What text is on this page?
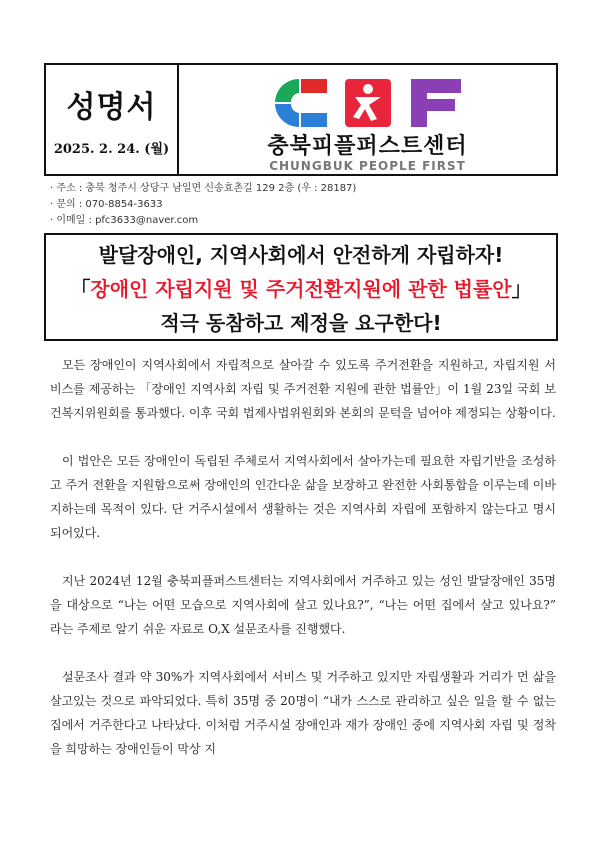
성명서
2025. 2. 24. (월)	충북피플퍼스트센터
CHUNGBUK PEOPLE FIRST
· 주소 : 충북 청주시 상당구 남일면 신송효촌길 129 2층 (우 : 28187)
· 문의 : 070-8854-3633
· 이메일 : pfc3633@naver.com
발달장애인, 지역사회에서 안전하게 자립하자!
「장애인 자립지원 및 주거전환지원에 관한 법률안」
적극 동참하고 제정을 요구한다!

모든 장애인이 지역사회에서 자립적으로 살아갈 수 있도록 주거전환을 지원하고, 자립지원 서비스를 제공하는 「장애인 지역사회 자립 및 주거전환 지원에 관한 법률안」이 1월 23일 국회 보건복지위원회를 통과했다. 이후 국회 법제사법위원회와 본회의 문턱을 넘어야 제정되는 상황이다.

이 법안은 모든 장애인이 독립된 주체로서 지역사회에서 살아가는데 필요한 자립기반을 조성하고 주거 전환을 지원함으로써 장애인의 인간다운 삶을 보장하고 완전한 사회통합을 이루는데 이바지하는데 목적이 있다. 단 거주시설에서 생활하는 것은 지역사회 자립에 포함하지 않는다고 명시되어있다.

지난 2024년 12월 충북피플퍼스트센터는 지역사회에서 거주하고 있는 성인 발달장애인 35명을 대상으로 “나는 어떤 모습으로 지역사회에 살고 있나요?”, “나는 어떤 집에서 살고 있나요?” 라는 주제로 알기 쉬운 자료로 O,X 설문조사를 진행했다.

설문조사 결과 약 30%가 지역사회에서 서비스 및 거주하고 있지만 자립생활과 거리가 먼 삶을 살고있는 것으로 파악되었다. 특히 35명 중 20명이 “내가 스스로 관리하고 싶은 일을 할 수 없는 집에서 거주한다고 나타났다. 이처럼 거주시설 장애인과 재가 장애인 중에 지역사회 자립 및 정착을 희망하는 장애인들이 막상 지
